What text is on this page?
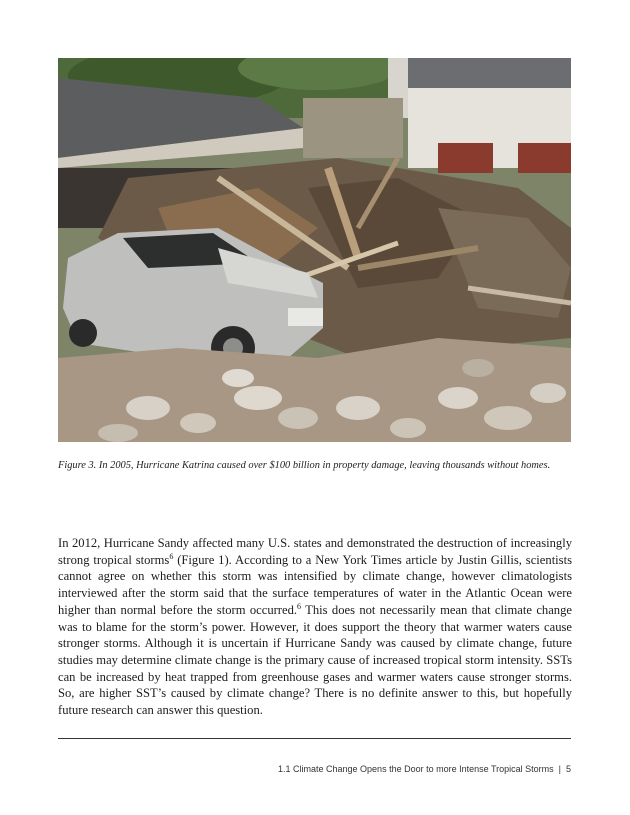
Figure 3. In 2005, Hurricane Katrina caused over $100 billion in property damage, leaving thousands without homes.

In 2012, Hurricane Sandy affected many U.S. states and demonstrated the destruction of increasingly strong tropical storms$^6$ (Figure 1). According to a New York Times article by Justin Gillis, scientists cannot agree on whether this storm was intensified by climate change, however climatologists interviewed after the storm said that the surface temperatures of water in the Atlantic Ocean were higher than normal before the storm occurred.$^6$ This does not necessarily mean that climate change was to blame for the storm’s power. However, it does support the theory that warmer waters cause stronger storms. Although it is uncertain if Hurricane Sandy was caused by climate change, future studies may determine climate change is the primary cause of increased tropical storm intensity. SSTs can be increased by heat trapped from greenhouse gases and warmer waters cause stronger storms. So, are higher SST’s caused by climate change? There is no definite answer to this, but hopefully future research can answer this question.

1.1 Climate Change Opens the Door to more Intense Tropical Storms | 5
